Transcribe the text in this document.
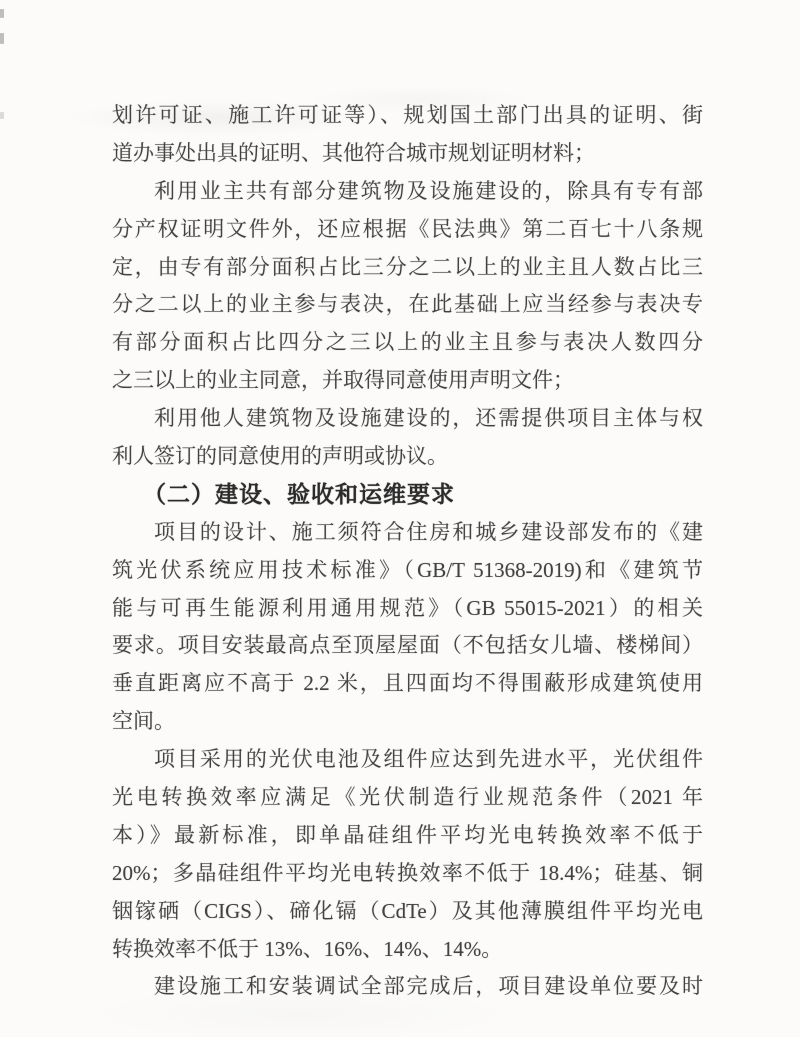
划许可证、施工许可证等）、规划国土部门出具的证明、街
道办事处出具的证明、其他符合城市规划证明材料；
利用业主共有部分建筑物及设施建设的，除具有专有部
分产权证明文件外，还应根据《民法典》第二百七十八条规
定，由专有部分面积占比三分之二以上的业主且人数占比三
分之二以上的业主参与表决，在此基础上应当经参与表决专
有部分面积占比四分之三以上的业主且参与表决人数四分
之三以上的业主同意，并取得同意使用声明文件；
利用他人建筑物及设施建设的，还需提供项目主体与权
利人签订的同意使用的声明或协议。
（二）建设、验收和运维要求
项目的设计、施工须符合住房和城乡建设部发布的《建
筑光伏系统应用技术标准》（GB/T 51368-2019)和《建筑节
能与可再生能源利用通用规范》（GB 55015-2021）的相关
要求。项目安装最高点至顶屋屋面（不包括女儿墙、楼梯间）
垂直距离应不高于 2.2 米，且四面均不得围蔽形成建筑使用
空间。
项目采用的光伏电池及组件应达到先进水平，光伏组件
光电转换效率应满足《光伏制造行业规范条件（2021 年
本）》最新标准，即单晶硅组件平均光电转换效率不低于
20%；多晶硅组件平均光电转换效率不低于 18.4%；硅基、铜
铟镓硒（CIGS）、碲化镉（CdTe）及其他薄膜组件平均光电
转换效率不低于 13%、16%、14%、14%。
建设施工和安装调试全部完成后，项目建设单位要及时
